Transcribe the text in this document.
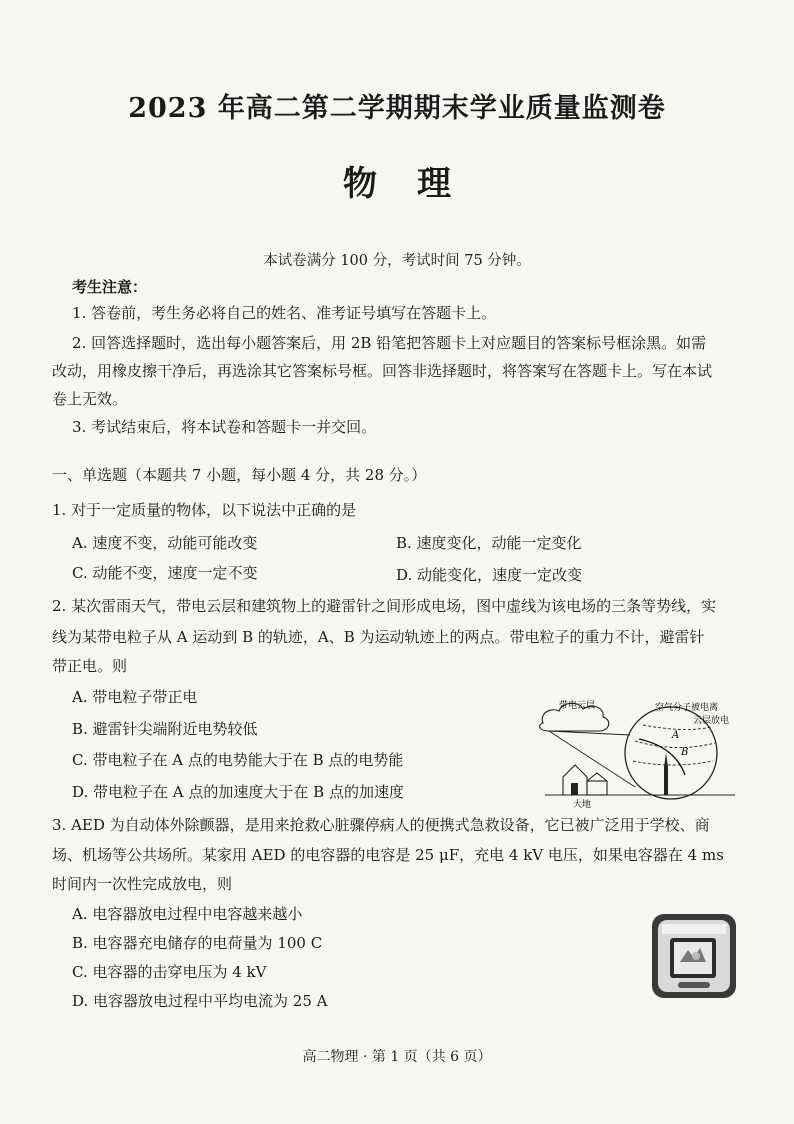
2023 年高二第二学期期末学业质量监测卷
物理
本试卷满分 100 分，考试时间 75 分钟。
考生注意：
1. 答卷前，考生务必将自己的姓名、准考证号填写在答题卡上。
2. 回答选择题时，选出每小题答案后，用 2B 铅笔把答题卡上对应题目的答案标号框涂黑。如需
改动，用橡皮擦干净后，再选涂其它答案标号框。回答非选择题时，将答案写在答题卡上。写在本试
卷上无效。
3. 考试结束后，将本试卷和答题卡一并交回。
一、单选题（本题共 7 小题，每小题 4 分，共 28 分。）
1. 对于一定质量的物体，以下说法中正确的是
A. 速度不变，动能可能改变	B. 速度变化，动能一定变化
C. 动能不变，速度一定不变	D. 动能变化，速度一定改变
2. 某次雷雨天气，带电云层和建筑物上的避雷针之间形成电场，图中虚线为该电场的三条等势线，实
线为某带电粒子从 A 运动到 B 的轨迹，A、B 为运动轨迹上的两点。带电粒子的重力不计，避雷针
带正电。则
A. 带电粒子带正电
B. 避雷针尖端附近电势较低
C. 带电粒子在 A 点的电势能大于在 B 点的电势能
D. 带电粒子在 A 点的加速度大于在 B 点的加速度
带电云层	空气分子被电离
云层放电
大地
A
B
3. AED 为自动体外除颤器，是用来抢救心脏骤停病人的便携式急救设备，它已被广泛用于学校、商
场、机场等公共场所。某家用 AED 的电容器的电容是 25 μF，充电 4 kV 电压，如果电容器在 4 ms
时间内一次性完成放电，则
A. 电容器放电过程中电容越来越小
B. 电容器充电储存的电荷量为 100 C
C. 电容器的击穿电压为 4 kV
D. 电容器放电过程中平均电流为 25 A
高二物理 · 第 1 页（共 6 页）
